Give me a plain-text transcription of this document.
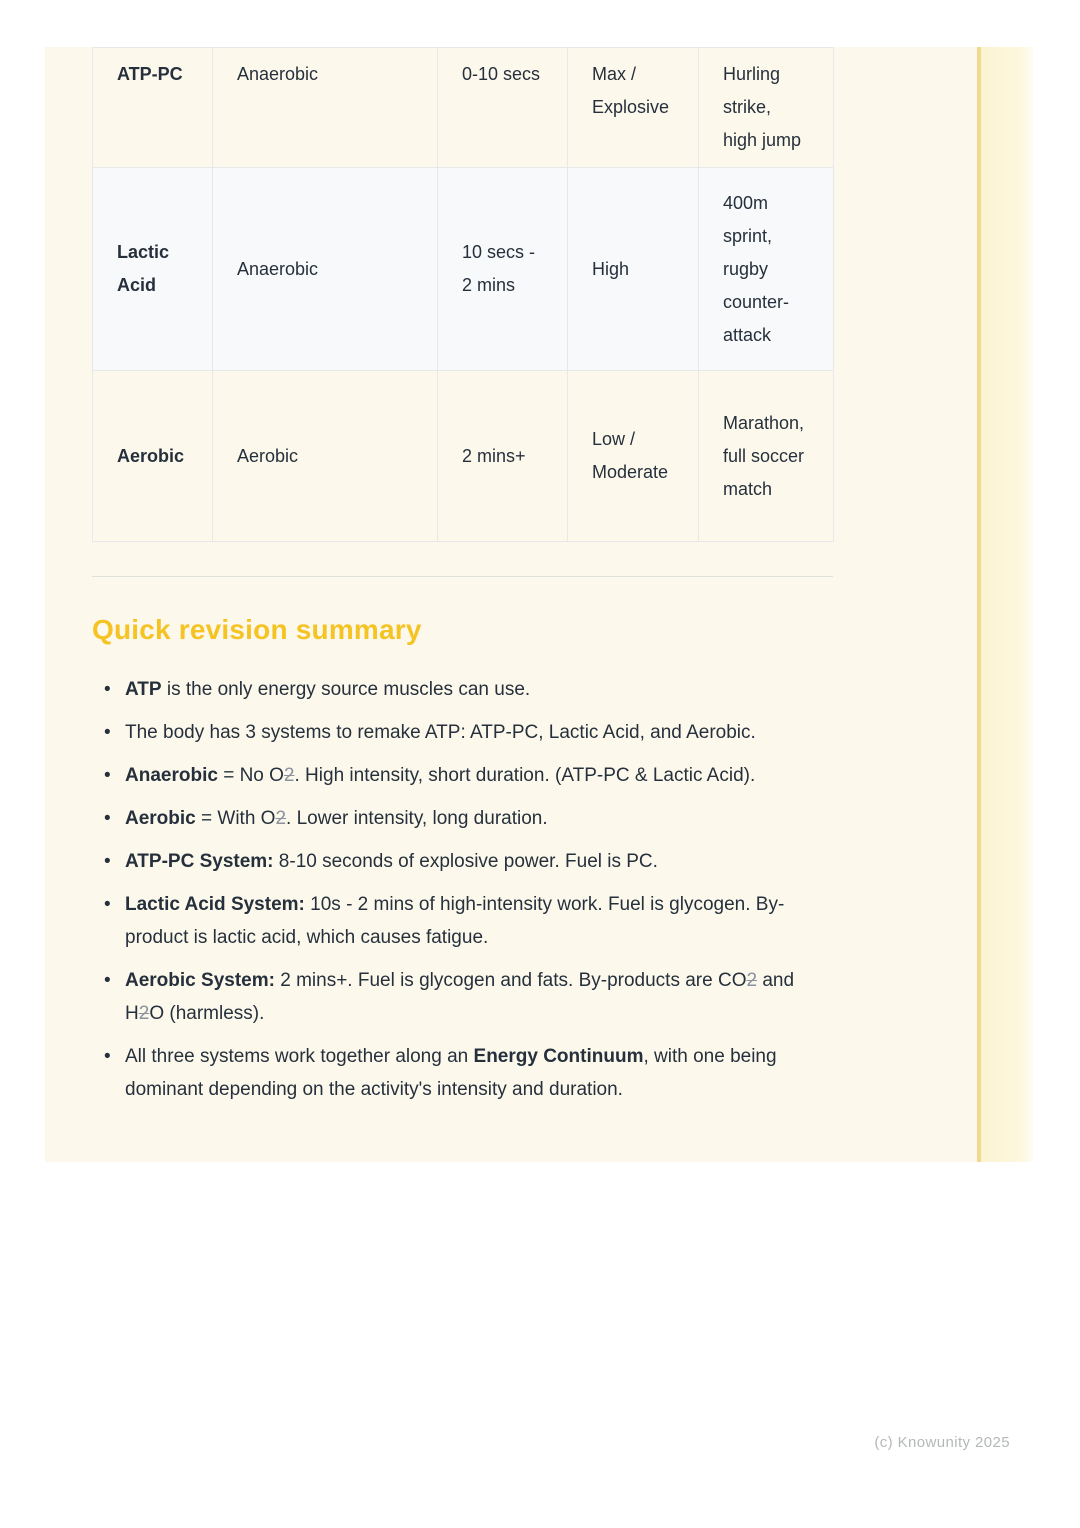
ATP-PC	Anaerobic	0-10 secs	Max / Explosive	Hurling strike, high jump
Lactic Acid	Anaerobic	10 secs - 2 mins	High	400m sprint, rugby counter-attack
Aerobic	Aerobic	2 mins+	Low / Moderate	Marathon, full soccer match
Quick revision summary
• ATP is the only energy source muscles can use.
• The body has 3 systems to remake ATP: ATP-PC, Lactic Acid, and Aerobic.
• Anaerobic = No O2. High intensity, short duration. (ATP-PC & Lactic Acid).
• Aerobic = With O2. Lower intensity, long duration.
• ATP-PC System: 8-10 seconds of explosive power. Fuel is PC.
• Lactic Acid System: 10s - 2 mins of high-intensity work. Fuel is glycogen. By-product is lactic acid, which causes fatigue.
• Aerobic System: 2 mins+. Fuel is glycogen and fats. By-products are CO2 and H2O (harmless).
• All three systems work together along an Energy Continuum, with one being dominant depending on the activity's intensity and duration.
(c) Knowunity 2025
